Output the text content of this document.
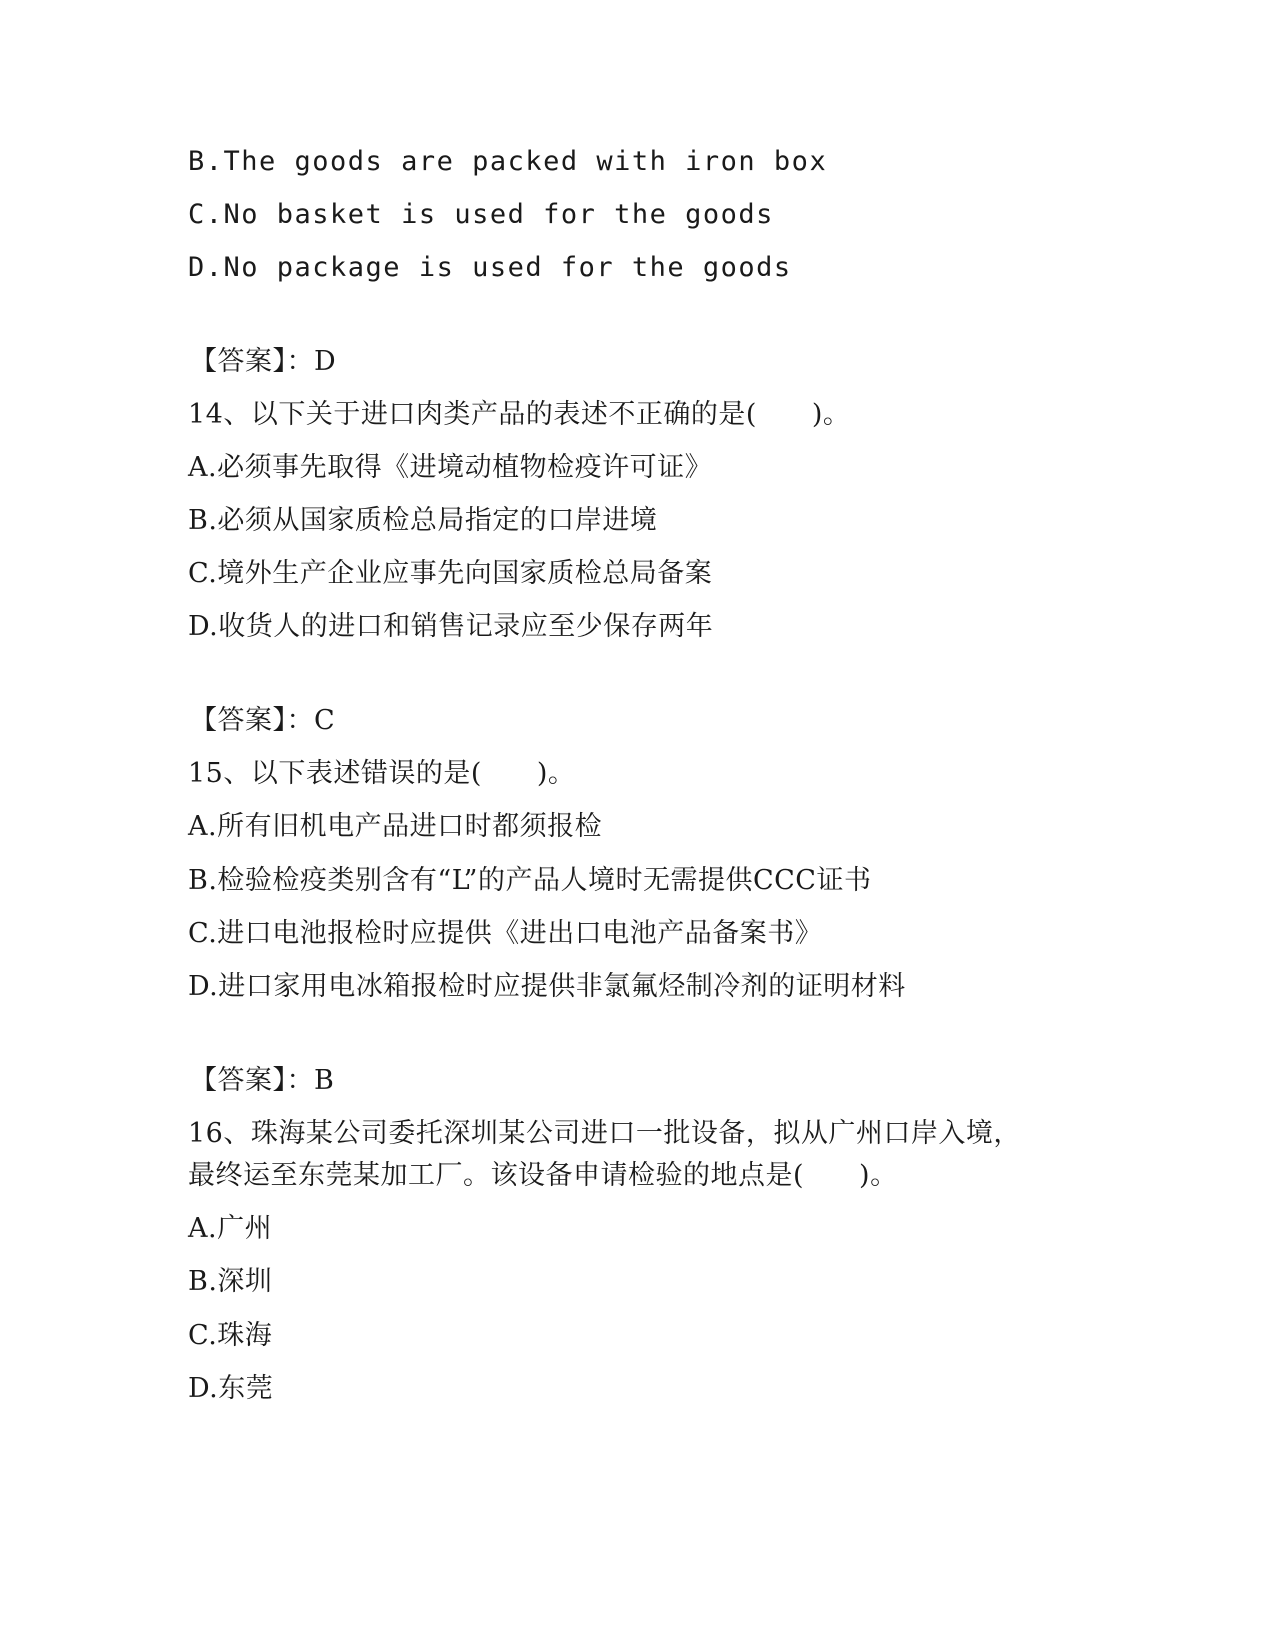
B.The goods are packed with iron box
C.No basket is used for the goods
D.No package is used for the goods
【答案】：D
14、以下关于进口肉类产品的表述不正确的是(　　)。
A.必须事先取得《进境动植物检疫许可证》
B.必须从国家质检总局指定的口岸进境
C.境外生产企业应事先向国家质检总局备案
D.收货人的进口和销售记录应至少保存两年
【答案】：C
15、以下表述错误的是(　　)。
A.所有旧机电产品进口时都须报检
B.检验检疫类别含有“L”的产品人境时无需提供CCC证书
C.进口电池报检时应提供《进出口电池产品备案书》
D.进口家用电冰箱报检时应提供非氯氟烃制冷剂的证明材料
【答案】：B
16、珠海某公司委托深圳某公司进口一批设备，拟从广州口岸入境，
最终运至东莞某加工厂。该设备申请检验的地点是(　　)。
A.广州
B.深圳
C.珠海
D.东莞
